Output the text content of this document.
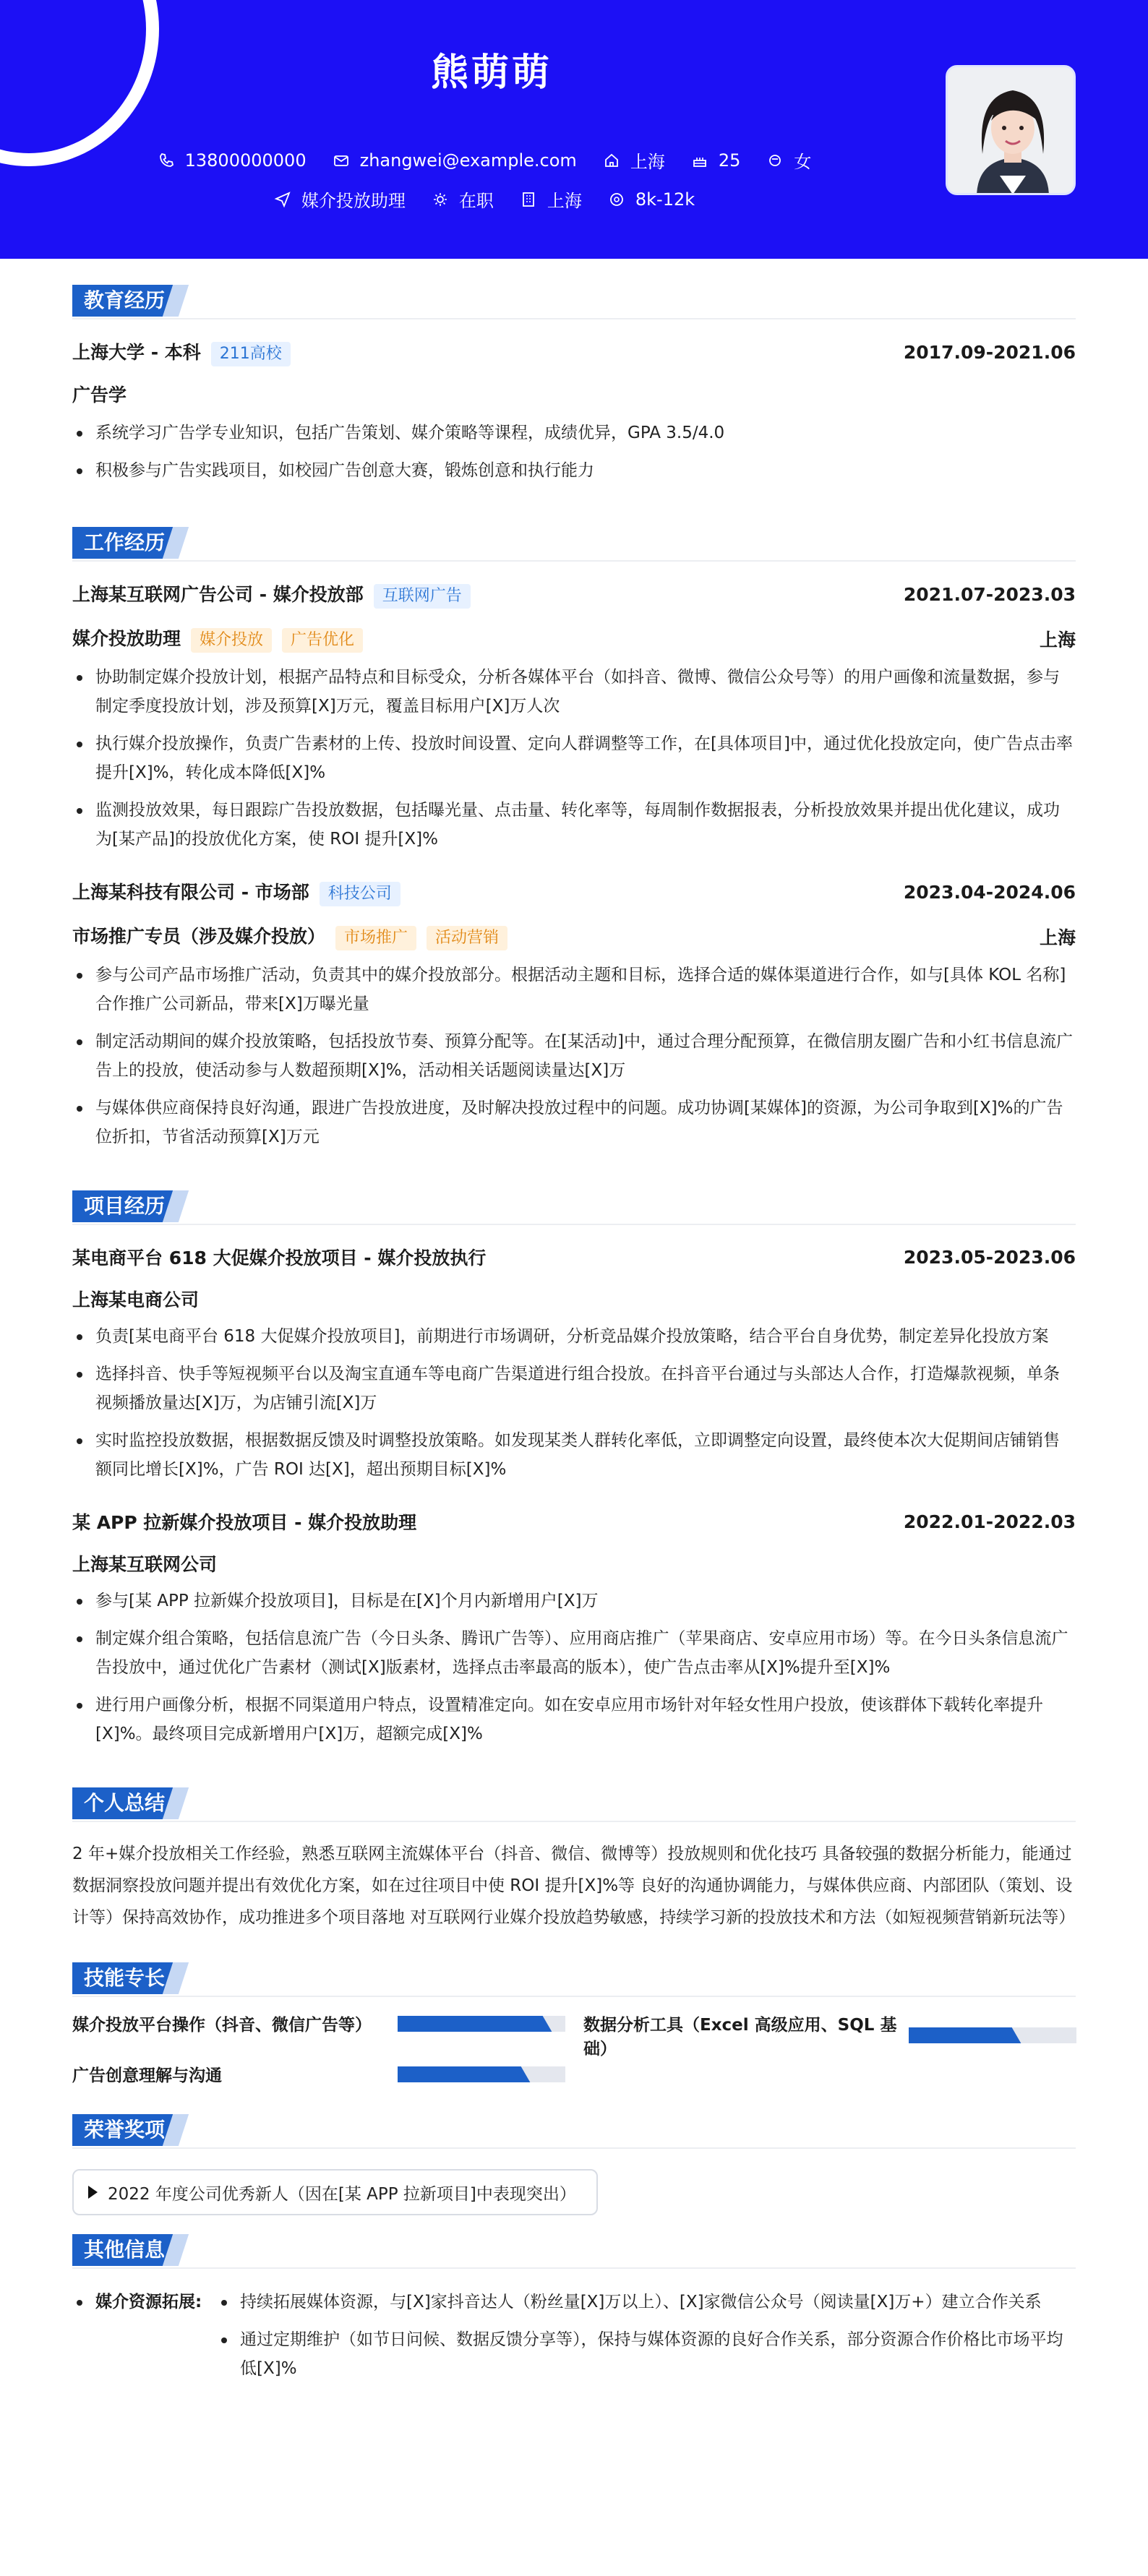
熊萌萌
13800000000	zhangwei@example.com	上海	25	女
媒介投放助理	在职	上海	8k-12k
教育经历
上海大学 - 本科 211高校	2017.09-2021.06
广告学
系统学习广告学专业知识，包括广告策划、媒介策略等课程，成绩优异，GPA 3.5/4.0
积极参与广告实践项目，如校园广告创意大赛，锻炼创意和执行能力
工作经历
上海某互联网广告公司 - 媒介投放部 互联网广告	2021.07-2023.03
媒介投放助理 媒介投放 广告优化	上海
协助制定媒介投放计划，根据产品特点和目标受众，分析各媒体平台（如抖音、微博、微信公众号等）的用户画像和流量数据，参与制定季度投放计划，涉及预算[X]万元，覆盖目标用户[X]万人次
执行媒介投放操作，负责广告素材的上传、投放时间设置、定向人群调整等工作，在[具体项目]中，通过优化投放定向，使广告点击率提升[X]%，转化成本降低[X]%
监测投放效果，每日跟踪广告投放数据，包括曝光量、点击量、转化率等，每周制作数据报表，分析投放效果并提出优化建议，成功为[某产品]的投放优化方案，使 ROI 提升[X]%
上海某科技有限公司 - 市场部 科技公司	2023.04-2024.06
市场推广专员（涉及媒介投放） 市场推广 活动营销	上海
参与公司产品市场推广活动，负责其中的媒介投放部分。根据活动主题和目标，选择合适的媒体渠道进行合作，如与[具体 KOL 名称]合作推广公司新品，带来[X]万曝光量
制定活动期间的媒介投放策略，包括投放节奏、预算分配等。在[某活动]中，通过合理分配预算，在微信朋友圈广告和小红书信息流广告上的投放，使活动参与人数超预期[X]%，活动相关话题阅读量达[X]万
与媒体供应商保持良好沟通，跟进广告投放进度，及时解决投放过程中的问题。成功协调[某媒体]的资源，为公司争取到[X]%的广告位折扣，节省活动预算[X]万元
项目经历
某电商平台 618 大促媒介投放项目 - 媒介投放执行	2023.05-2023.06
上海某电商公司
负责[某电商平台 618 大促媒介投放项目]，前期进行市场调研，分析竞品媒介投放策略，结合平台自身优势，制定差异化投放方案
选择抖音、快手等短视频平台以及淘宝直通车等电商广告渠道进行组合投放。在抖音平台通过与头部达人合作，打造爆款视频，单条视频播放量达[X]万，为店铺引流[X]万
实时监控投放数据，根据数据反馈及时调整投放策略。如发现某类人群转化率低，立即调整定向设置，最终使本次大促期间店铺销售额同比增长[X]%，广告 ROI 达[X]，超出预期目标[X]%
某 APP 拉新媒介投放项目 - 媒介投放助理	2022.01-2022.03
上海某互联网公司
参与[某 APP 拉新媒介投放项目]，目标是在[X]个月内新增用户[X]万
制定媒介组合策略，包括信息流广告（今日头条、腾讯广告等）、应用商店推广（苹果商店、安卓应用市场）等。在今日头条信息流广告投放中，通过优化广告素材（测试[X]版素材，选择点击率最高的版本），使广告点击率从[X]%提升至[X]%
进行用户画像分析，根据不同渠道用户特点，设置精准定向。如在安卓应用市场针对年轻女性用户投放，使该群体下载转化率提升[X]%。最终项目完成新增用户[X]万，超额完成[X]%
个人总结

2 年+媒介投放相关工作经验，熟悉互联网主流媒体平台（抖音、微信、微博等）投放规则和优化技巧 具备较强的数据分析能力，能通过数据洞察投放问题并提出有效优化方案，如在过往项目中使 ROI 提升[X]%等 良好的沟通协调能力，与媒体供应商、内部团队（策划、设计等）保持高效协作，成功推进多个项目落地 对互联网行业媒介投放趋势敏感，持续学习新的投放技术和方法（如短视频营销新玩法等）

技能专长
媒介投放平台操作（抖音、微信广告等）	数据分析工具（Excel 高级应用、SQL 基础）
广告创意理解与沟通
荣誉奖项
2022 年度公司优秀新人（因在[某 APP 拉新项目]中表现突出）
其他信息
媒介资源拓展:	持续拓展媒体资源，与[X]家抖音达人（粉丝量[X]万以上）、[X]家微信公众号（阅读量[X]万+）建立合作关系
通过定期维护（如节日问候、数据反馈分享等），保持与媒体资源的良好合作关系，部分资源合作价格比市场平均低[X]%
